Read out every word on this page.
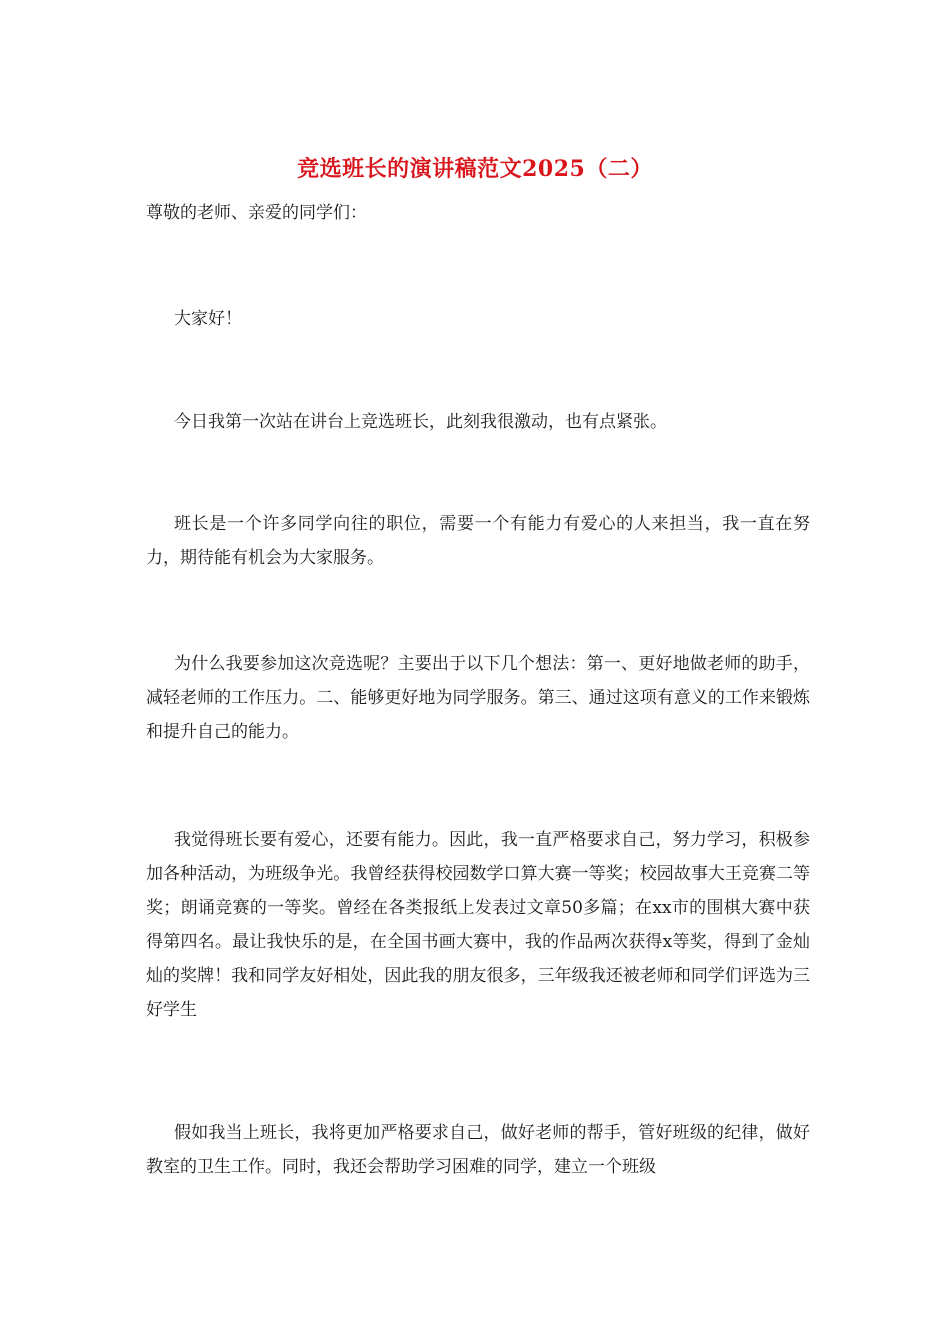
竞选班长的演讲稿范文2025（二）

尊敬的老师、亲爱的同学们：

大家好！

今日我第一次站在讲台上竞选班长，此刻我很激动，也有点紧张。

班长是一个许多同学向往的职位，需要一个有能力有爱心的人来担当，我一直在努力，期待能有机会为大家服务。

为什么我要参加这次竞选呢？主要出于以下几个想法：第一、更好地做老师的助手，减轻老师的工作压力。二、能够更好地为同学服务。第三、通过这项有意义的工作来锻炼和提升自己的能力。

我觉得班长要有爱心，还要有能力。因此，我一直严格要求自己，努力学习，积极参加各种活动，为班级争光。我曾经获得校园数学口算大赛一等奖；校园故事大王竞赛二等奖；朗诵竞赛的一等奖。曾经在各类报纸上发表过文章50多篇；在xx市的围棋大赛中获得第四名。最让我快乐的是，在全国书画大赛中，我的作品两次获得x等奖，得到了金灿灿的奖牌！我和同学友好相处，因此我的朋友很多，三年级我还被老师和同学们评选为三好学生

假如我当上班长，我将更加严格要求自己，做好老师的帮手，管好班级的纪律，做好教室的卫生工作。同时，我还会帮助学习困难的同学，建立一个班级
